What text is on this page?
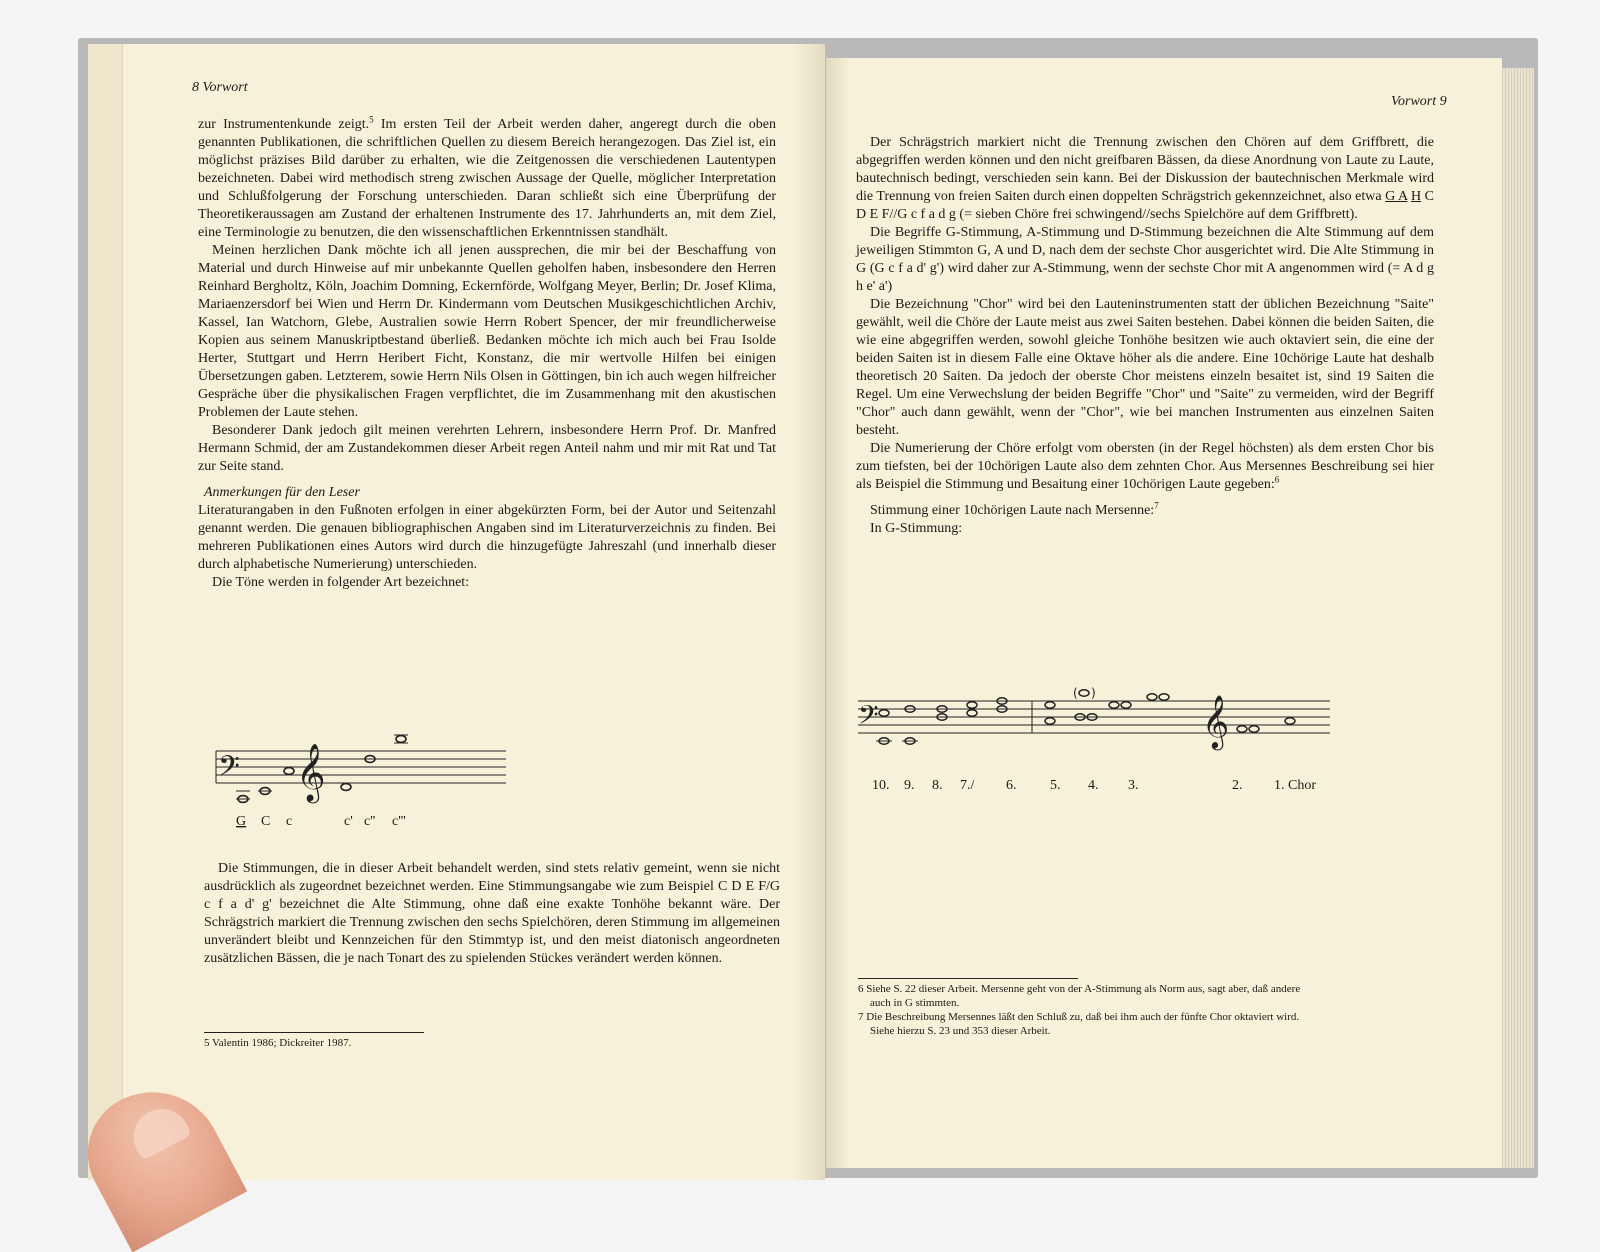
8 Vorwort

zur Instrumentenkunde zeigt.$^5$ Im ersten Teil der Arbeit werden daher, angeregt durch die oben genannten Publikationen, die schriftlichen Quellen zu diesem Bereich herangezogen. Das Ziel ist, ein möglichst präzises Bild darüber zu erhalten, wie die Zeitgenossen die verschiedenen Lautentypen bezeichneten. Dabei wird methodisch streng zwischen Aussage der Quelle, möglicher Interpretation und Schlußfolgerung der Forschung unterschieden. Daran schließt sich eine Überprüfung der Theoretikeraussagen am Zustand der erhaltenen Instrumente des 17. Jahrhunderts an, mit dem Ziel, eine Terminologie zu benutzen, die den wissenschaftlichen Erkenntnissen standhält.

Meinen herzlichen Dank möchte ich all jenen aussprechen, die mir bei der Beschaffung von Material und durch Hinweise auf mir unbekannte Quellen geholfen haben, insbesondere den Herren Reinhard Bergholtz, Köln, Joachim Domning, Eckernförde, Wolfgang Meyer, Berlin; Dr. Josef Klima, Mariaenzersdorf bei Wien und Herrn Dr. Kindermann vom Deutschen Musikgeschichtlichen Archiv, Kassel, Ian Watchorn, Glebe, Australien sowie Herrn Robert Spencer, der mir freundlicherweise Kopien aus seinem Manuskriptbestand überließ. Bedanken möchte ich mich auch bei Frau Isolde Herter, Stuttgart und Herrn Heribert Ficht, Konstanz, die mir wertvolle Hilfen bei einigen Übersetzungen gaben. Letzterem, sowie Herrn Nils Olsen in Göttingen, bin ich auch wegen hilfreicher Gespräche über die physikalischen Fragen verpflichtet, die im Zusammenhang mit den akustischen Problemen der Laute stehen.

Besonderer Dank jedoch gilt meinen verehrten Lehrern, insbesondere Herrn Prof. Dr. Manfred Hermann Schmid, der am Zustandekommen dieser Arbeit regen Anteil nahm und mir mit Rat und Tat zur Seite stand.

Anmerkungen für den Leser

Literaturangaben in den Fußnoten erfolgen in einer abgekürzten Form, bei der Autor und Seitenzahl genannt werden. Die genauen bibliographischen Angaben sind im Literaturverzeichnis zu finden. Bei mehreren Publikationen eines Autors wird durch die hinzugefügte Jahreszahl (und innerhalb dieser durch alphabetische Numerierung) unterschieden.

Die Töne werden in folgender Art bezeichnet:

𝄢 𝄞
G C c	c' c'' c'''

Die Stimmungen, die in dieser Arbeit behandelt werden, sind stets relativ gemeint, wenn sie nicht ausdrücklich als zugeordnet bezeichnet werden. Eine Stimmungsangabe wie zum Beispiel C D E F/G c f a d' g' bezeichnet die Alte Stimmung, ohne daß eine exakte Tonhöhe bekannt wäre. Der Schrägstrich markiert die Trennung zwischen den sechs Spielchören, deren Stimmung im allgemeinen unverändert bleibt und Kennzeichen für den Stimmtyp ist, und den meist diatonisch angeordneten zusätzlichen Bässen, die je nach Tonart des zu spielenden Stückes verändert werden können.

5 Valentin 1986; Dickreiter 1987.
Vorwort 9

Der Schrägstrich markiert nicht die Trennung zwischen den Chören auf dem Griffbrett, die abgegriffen werden können und den nicht greifbaren Bässen, da diese Anordnung von Laute zu Laute, bautechnisch bedingt, verschieden sein kann. Bei der Diskussion der bautechnischen Merkmale wird die Trennung von freien Saiten durch einen doppelten Schrägstrich gekennzeichnet, also etwa G A H C D E F//G c f a d g (= sieben Chöre frei schwingend//sechs Spielchöre auf dem Griffbrett).

Die Begriffe G-Stimmung, A-Stimmung und D-Stimmung bezeichnen die Alte Stimmung auf dem jeweiligen Stimmton G, A und D, nach dem der sechste Chor ausgerichtet wird. Die Alte Stimmung in G (G c f a d' g') wird daher zur A-Stimmung, wenn der sechste Chor mit A angenommen wird (= A d g h e' a')

Die Bezeichnung "Chor" wird bei den Lauteninstrumenten statt der üblichen Bezeichnung "Saite" gewählt, weil die Chöre der Laute meist aus zwei Saiten bestehen. Dabei können die beiden Saiten, die wie eine abgegriffen werden, sowohl gleiche Tonhöhe besitzen wie auch oktaviert sein, die eine der beiden Saiten ist in diesem Falle eine Oktave höher als die andere. Eine 10chörige Laute hat deshalb theoretisch 20 Saiten. Da jedoch der oberste Chor meistens einzeln besaitet ist, sind 19 Saiten die Regel. Um eine Verwechslung der beiden Begriffe "Chor" und "Saite" zu vermeiden, wird der Begriff "Chor" auch dann gewählt, wenn der "Chor", wie bei manchen Instrumenten aus einzelnen Saiten besteht.

Die Numerierung der Chöre erfolgt vom obersten (in der Regel höchsten) als dem ersten Chor bis zum tiefsten, bei der 10chörigen Laute also dem zehnten Chor. Aus Mersennes Beschreibung sei hier als Beispiel die Stimmung und Besaitung einer 10chörigen Laute gegeben:$^6$

Stimmung einer 10chörigen Laute nach Mersenne:$^7$

In G-Stimmung:

𝄢	𝄞
( )
10. 9. 8. 7./ 6. 5. 4. 3.	2. 1. Chor
6 Siehe S. 22 dieser Arbeit. Mersenne geht von der A-Stimmung als Norm aus, sagt aber, daß andere
auch in G stimmten.
7 Die Beschreibung Mersennes läßt den Schluß zu, daß bei ihm auch der fünfte Chor oktaviert wird.
Siehe hierzu S. 23 und 353 dieser Arbeit.
